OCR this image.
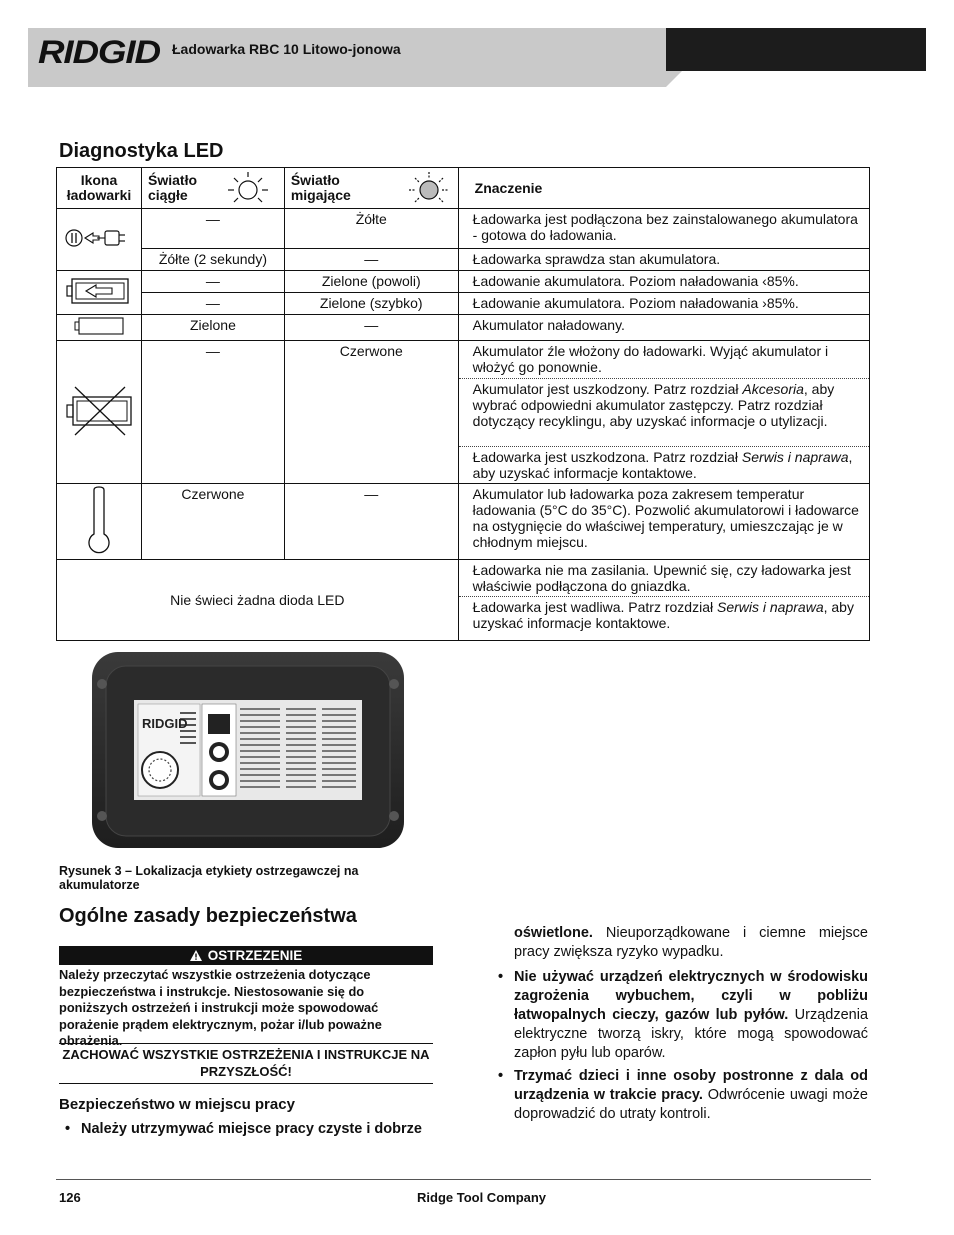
RIDGID Ładowarka RBC 10 Litowo-jonowa
Diagnostyka LED
Ikona ładowarki	Światło ciągłe	Światło migające	Znaczenie
	—	Żółte	Ładowarka jest podłączona bez zainstalowanego akumulatora - gotowa do ładowania.
	Żółte (2 sekundy)	—	Ładowarka sprawdza stan akumulatora.
	—	Zielone (powoli)	Ładowanie akumulatora. Poziom naładowania ‹85%.
	—	Zielone (szybko)	Ładowanie akumulatora. Poziom naładowania ›85%.
	Zielone	—	Akumulator naładowany.
	—	Czerwone	Akumulator źle włożony do ładowarki. Wyjąć akumulator i włożyć go ponownie.
			Akumulator jest uszkodzony. Patrz rozdział Akcesoria, aby wybrać odpowiedni akumulator zastępczy. Patrz rozdział dotyczący recyklingu, aby uzyskać informacje o utylizacji.
			Ładowarka jest uszkodzona. Patrz rozdział Serwis i naprawa, aby uzyskać informacje kontaktowe.
	Czerwone	—	Akumulator lub ładowarka poza zakresem temperatur ładowania (5°C do 35°C). Pozwolić akumulatorowi i ładowarce na ostygnięcie do właściwej temperatury, umieszczając je w chłodnym miejscu.
Nie świeci żadna dioda LED			Ładowarka nie ma zasilania. Upewnić się, czy ładowarka jest właściwie podłączona do gniazdka.
			Ładowarka jest wadliwa. Patrz rozdział Serwis i naprawa, aby uzyskać informacje kontaktowe.
RIDGID
Rysunek 3 – Lokalizacja etykiety ostrzegawczej na akumulatorze
Ogólne zasady bezpieczeństwa
OSTRZEZENIE
Należy przeczytać wszystkie ostrzeżenia dotyczące bezpieczeństwa i instrukcje. Niestosowanie się do poniższych ostrzeżeń i instrukcji może spowodować porażenie prądem elektrycznym, pożar i/lub poważne obrażenia.
ZACHOWAĆ WSZYSTKIE OSTRZEŻENIA I INSTRUKCJE NA PRZYSZŁOŚĆ!
Bezpieczeństwo w miejscu pracy
• Należy utrzymywać miejsce pracy czyste i dobrze
oświetlone. Nieuporządkowane i ciemne miejsce pracy zwiększa ryzyko wypadku.
• Nie używać urządzeń elektrycznych w środowisku zagrożenia wybuchem, czyli w pobliżu łatwopalnych cieczy, gazów lub pyłów. Urządzenia elektryczne tworzą iskry, które mogą spowodować zapłon pyłu lub oparów.
• Trzymać dzieci i inne osoby postronne z dala od urządzenia w trakcie pracy. Odwrócenie uwagi może doprowadzić do utraty kontroli.
126	Ridge Tool Company
